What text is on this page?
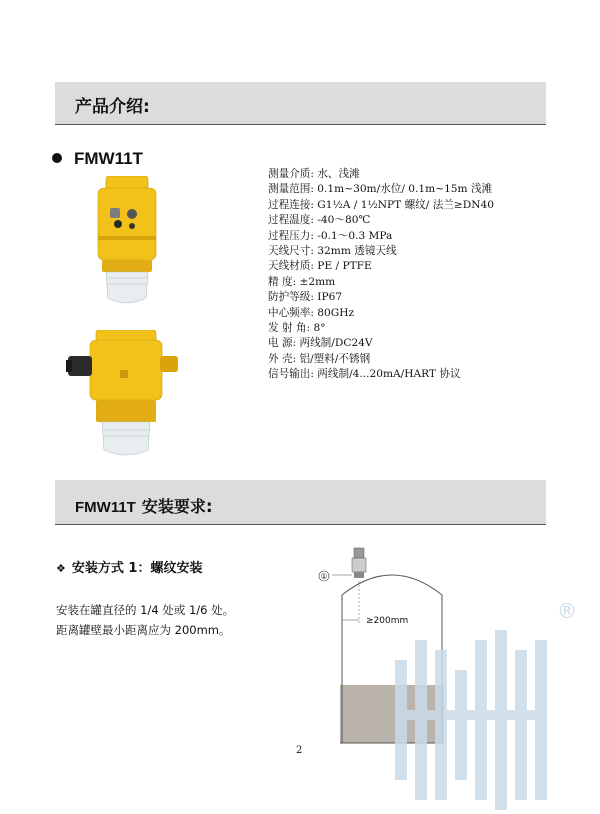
产品介绍:
FMW11T
测量介质: 水、浅滩
测量范围: 0.1m~30m/水位/ 0.1m~15m 浅滩
过程连接: G1½A / 1½NPT 螺纹/ 法兰≥DN40
过程温度: -40～80℃
过程压力: -0.1～0.3 MPa
天线尺寸: 32mm 透镜天线
天线材质: PE / PTFE
精 度: ±2mm
防护等级: IP67
中心频率: 80GHz
发 射 角: 8°
电 源: 两线制/DC24V
外 壳: 铝/塑料/不锈钢
信号输出: 两线制/4...20mA/HART 协议
FMW11T 安装要求:
❖ 安装方式 1：螺纹安装
安装在罐直径的 1/4 处或 1/6 处。
距离罐壁最小距离应为 200mm。
①
≥200mm
2
®
